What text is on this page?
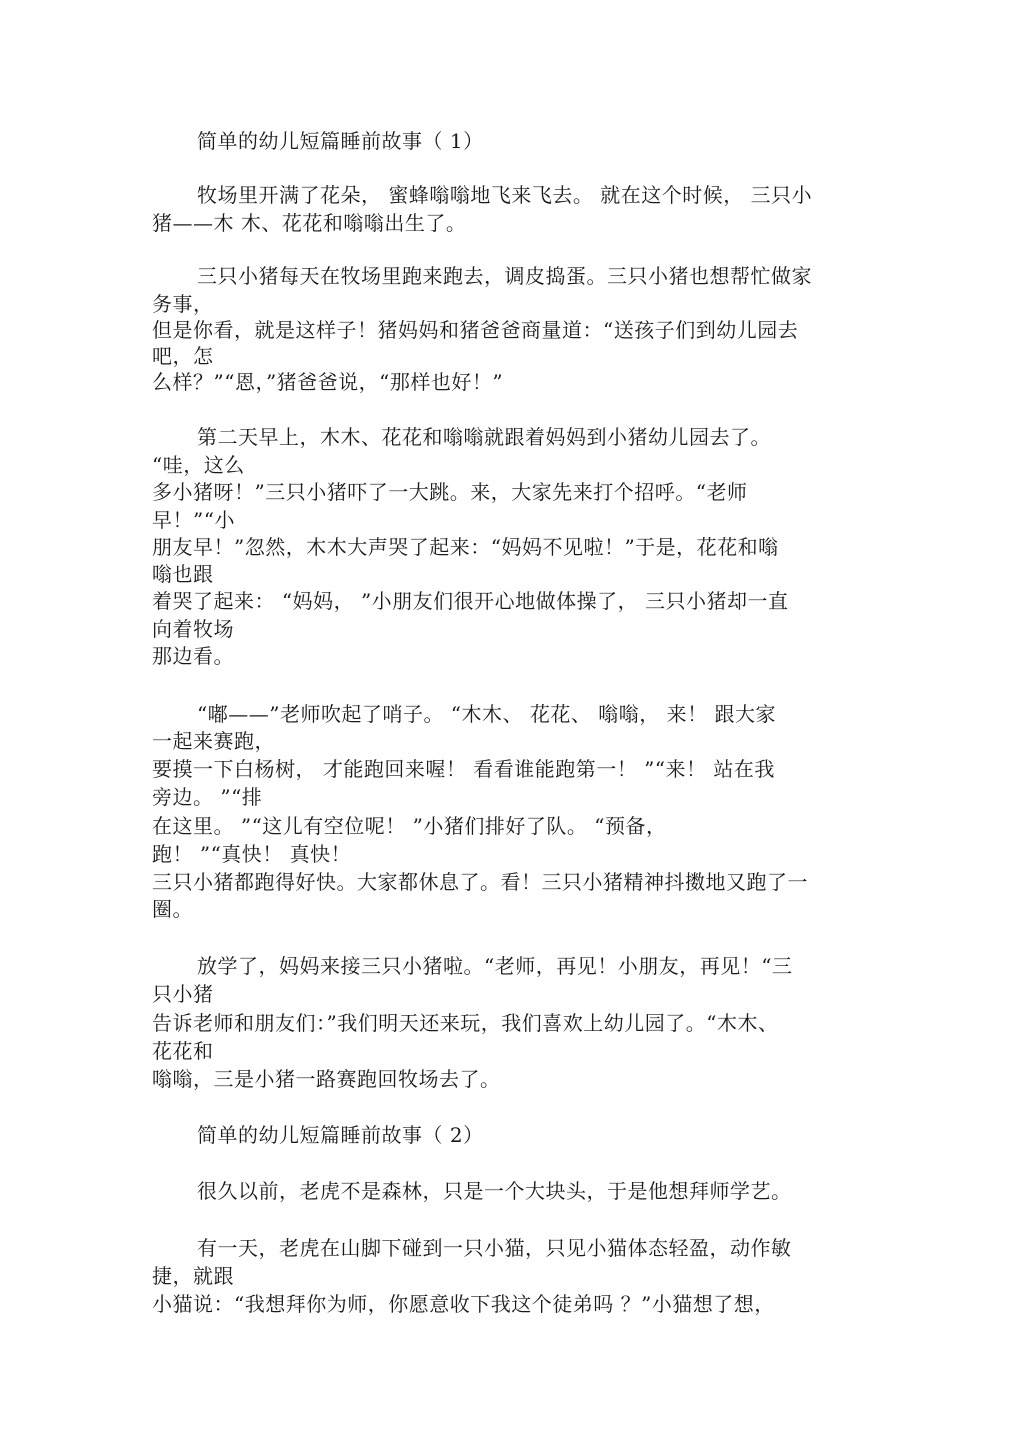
简单的幼儿短篇睡前故事（ 1）
牧场里开满了花朵， 蜜蜂嗡嗡地飞来飞去。 就在这个时候， 三只小
猪——木 木、花花和嗡嗡出生了。
三只小猪每天在牧场里跑来跑去，调皮捣蛋。三只小猪也想帮忙做家
务事，
但是你看，就是这样子！猪妈妈和猪爸爸商量道：“送孩子们到幼儿园去
吧，怎
么样？”“恩，”猪爸爸说，“那样也好！”
第二天早上，木木、花花和嗡嗡就跟着妈妈到小猪幼儿园去了。
“哇，这么
多小猪呀！”三只小猪吓了一大跳。来，大家先来打个招呼。“老师
早！”“小
朋友早！”忽然，木木大声哭了起来：“妈妈不见啦！”于是，花花和嗡
嗡也跟
着哭了起来： “妈妈， ”小朋友们很开心地做体操了， 三只小猪却一直
向着牧场
那边看。
“嘟——”老师吹起了哨子。 “木木、 花花、 嗡嗡， 来！ 跟大家
一起来赛跑，
要摸一下白杨树， 才能跑回来喔！ 看看谁能跑第一！ ”“来！ 站在我
旁边。 ”“排
在这里。 ”“这儿有空位呢！ ”小猪们排好了队。 “预备，
跑！ ”“真快！ 真快！
三只小猪都跑得好快。大家都休息了。看！三只小猪精神抖擞地又跑了一
圈。
放学了，妈妈来接三只小猪啦。“老师，再见！小朋友，再见！“三
只小猪
告诉老师和朋友们：”我们明天还来玩，我们喜欢上幼儿园了。“木木、
花花和
嗡嗡，三是小猪一路赛跑回牧场去了。
简单的幼儿短篇睡前故事（ 2）
很久以前，老虎不是森林，只是一个大块头，于是他想拜师学艺。
有一天，老虎在山脚下碰到一只小猫，只见小猫体态轻盈，动作敏
捷，就跟
小猫说：“我想拜你为师，你愿意收下我这个徒弟吗 ？”小猫想了想，
